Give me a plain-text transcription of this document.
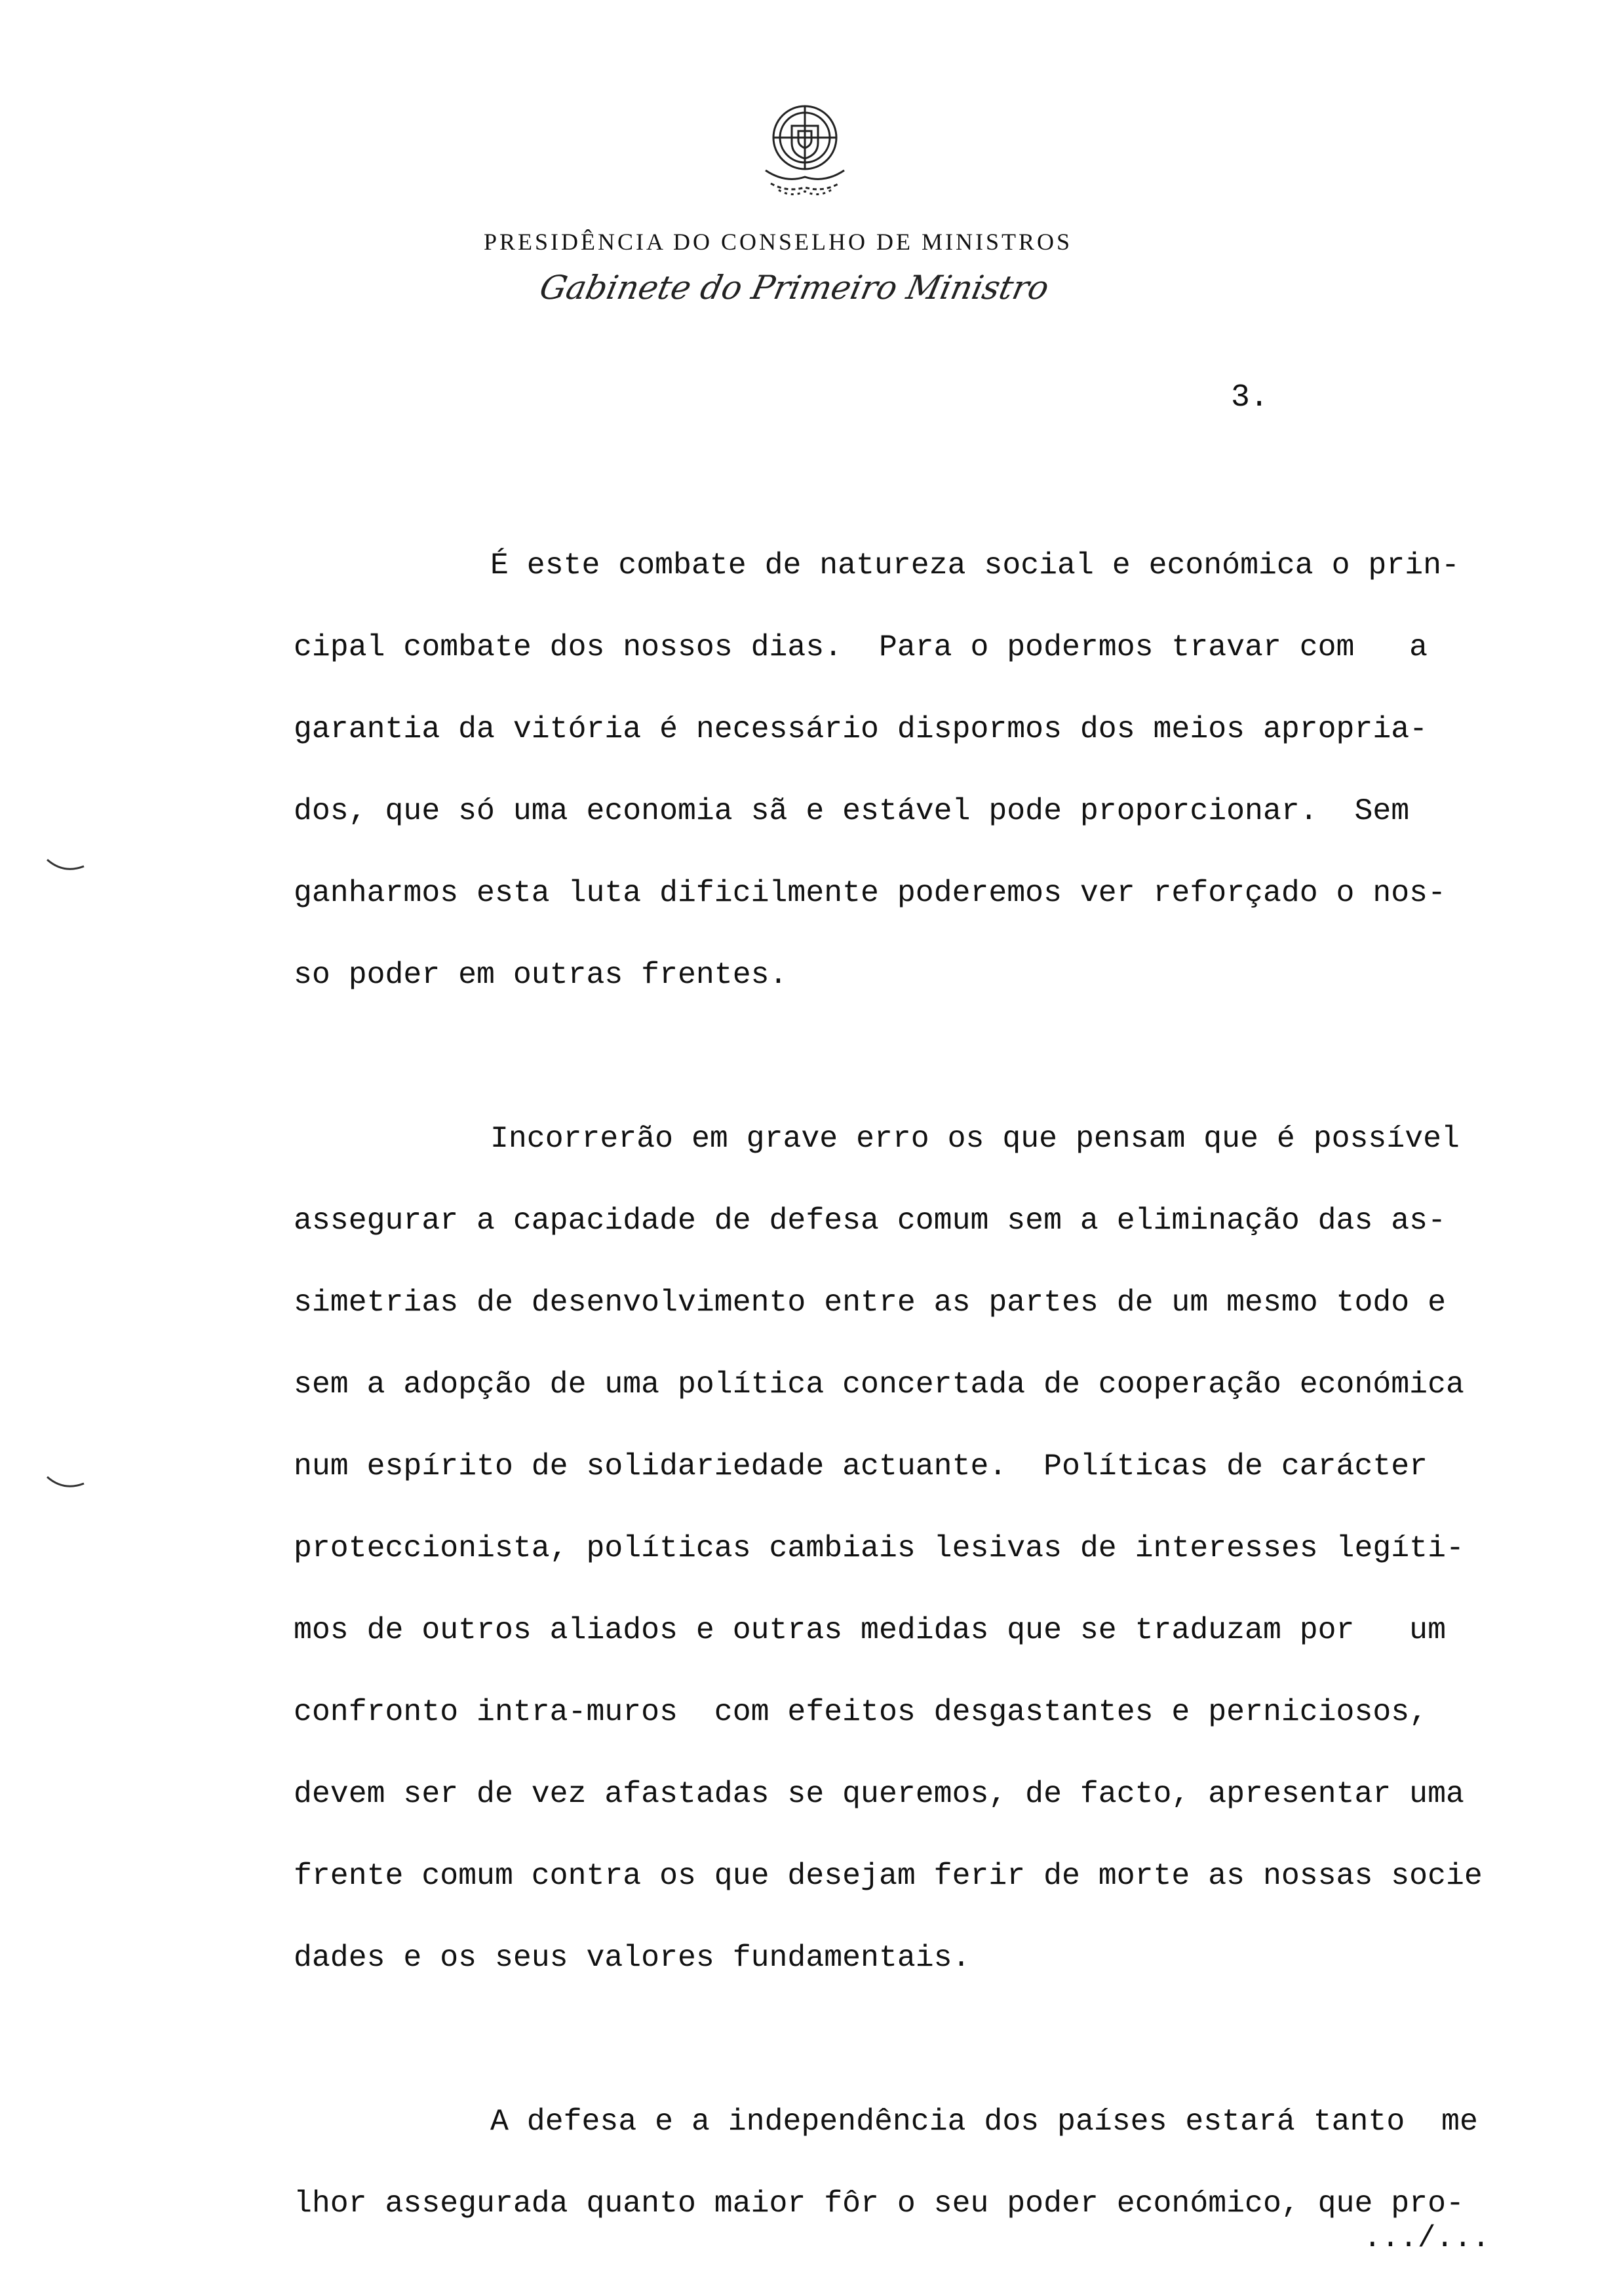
PRESIDÊNCIA DO CONSELHO DE MINISTROS
Gabinete do Primeiro Ministro
3.
É este combate de natureza social e económica o prin-
cipal combate dos nossos dias.  Para o podermos travar com   a
garantia da vitória é necessário dispormos dos meios apropria-
dos, que só uma economia sã e estável pode proporcionar.  Sem
ganharmos esta luta dificilmente poderemos ver reforçado o nos-
so poder em outras frentes.
Incorrerão em grave erro os que pensam que é possível
assegurar a capacidade de defesa comum sem a eliminação das as-
simetrias de desenvolvimento entre as partes de um mesmo todo e
sem a adopção de uma política concertada de cooperação económica
num espírito de solidariedade actuante.  Políticas de carácter
proteccionista, políticas cambiais lesivas de interesses legíti-
mos de outros aliados e outras medidas que se traduzam por   um
confronto intra-muros  com efeitos desgastantes e perniciosos,
devem ser de vez afastadas se queremos, de facto, apresentar uma
frente comum contra os que desejam ferir de morte as nossas socie
dades e os seus valores fundamentais.
A defesa e a independência dos países estará tanto  me
lhor assegurada quanto maior fôr o seu poder económico, que pro-
.../...
